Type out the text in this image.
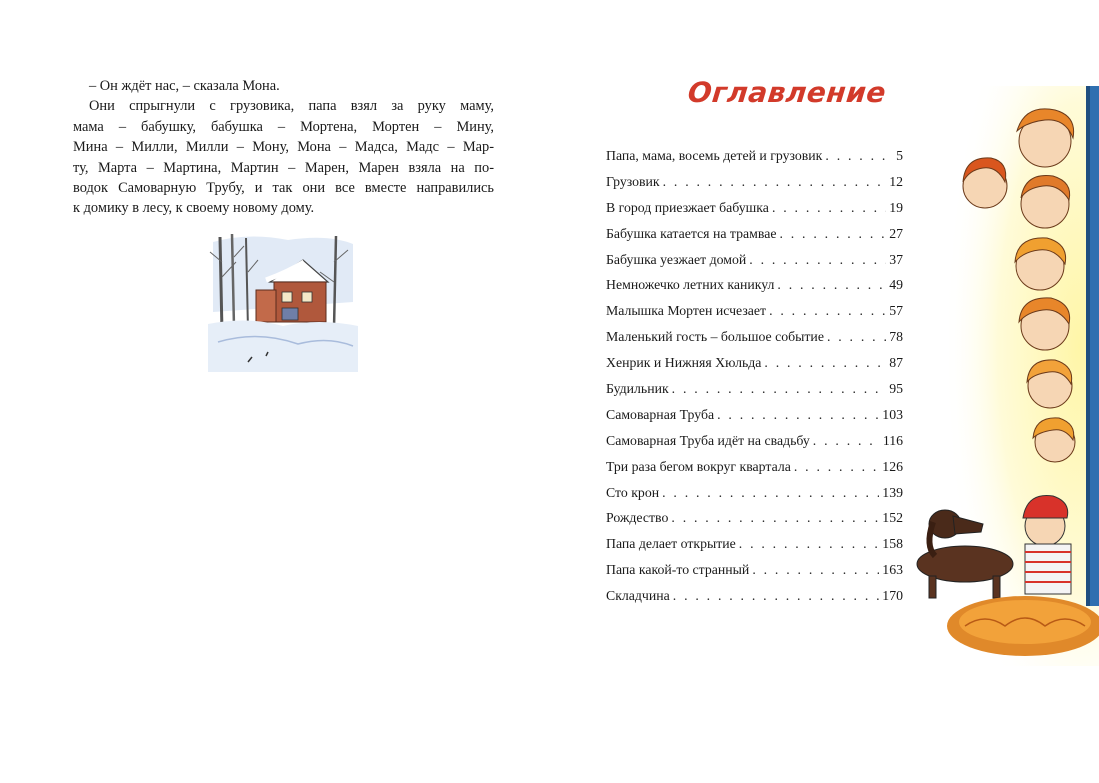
– Он ждёт нас, – сказала Мона.
Они спрыгнули с грузовика, папа взял за руку маму,
мама – бабушку, бабушка – Мортена, Мортен – Мину,
Мина – Милли, Милли – Мону, Мона – Мадса, Мадс – Мар-
ту, Марта – Мартина, Мартин – Марен, Марен взяла на по-
водок Самоварную Трубу, и так они все вместе направились
к домику в лесу, к своему новому дому.
Оглавление
Папа, мама, восемь детей и грузовик . . .	5
Грузовик . . .	12
В город приезжает бабушка . . .	19
Бабушка катается на трамвае . . .	27
Бабушка уезжает домой . . .	37
Немножечко летних каникул . . .	49
Малышка Мортен исчезает . . .	57
Маленький гость – большое событие . . .	78
Хенрик и Нижняя Хюльда . . .	87
Будильник . . .	95
Самоварная Труба . . .	103
Самоварная Труба идёт на свадьбу . . .	116
Три раза бегом вокруг квартала . . .	126
Сто крон . . .	139
Рождество . . .	152
Папа делает открытие . . .	158
Папа какой-то странный . . .	163
Складчина . . .	170
